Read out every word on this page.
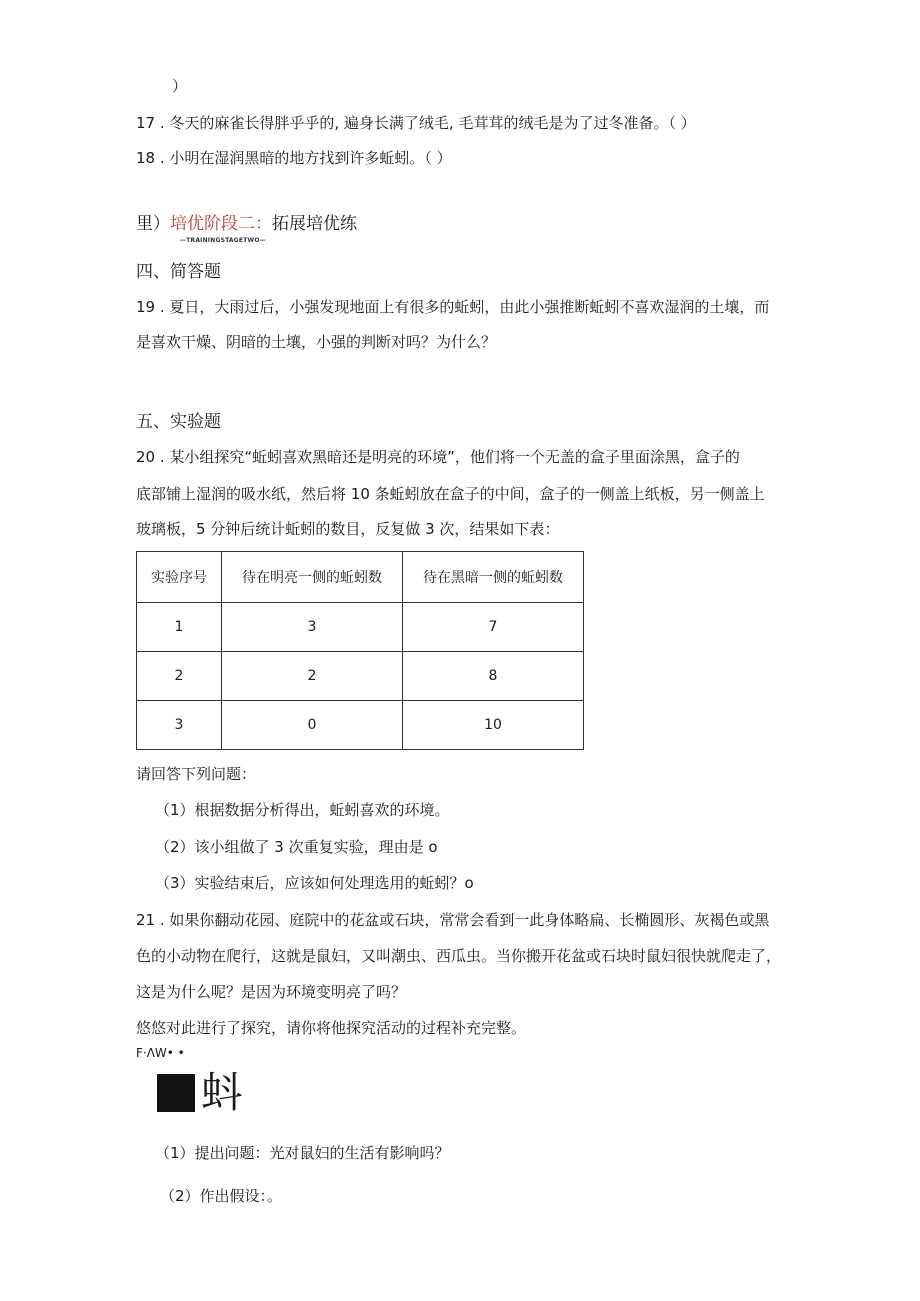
）
17 . 冬天的麻雀长得胖乎乎的, 遍身长满了绒毛, 毛茸茸的绒毛是为了过冬准备。（ ）
18 . 小明在湿润黑暗的地方找到许多蚯蚓。（ ）
里）培优阶段二：拓展培优练
—TRAININGSTAGETWO—
四、简答题
19 . 夏日，大雨过后，小强发现地面上有很多的蚯蚓，由此小强推断蚯蚓不喜欢湿润的土壤，而
是喜欢干燥、阴暗的土壤，小强的判断对吗？为什么？
五、实验题
20 . 某小组探究“蚯蚓喜欢黑暗还是明亮的环境”，他们将一个无盖的盒子里面涂黑，盒子的
底部铺上湿润的吸水纸，然后将 10 条蚯蚓放在盒子的中间，盒子的一侧盖上纸板，另一侧盖上
玻璃板，5 分钟后统计蚯蚓的数目，反复做 3 次，结果如下表：
实验序号	待在明亮一侧的蚯蚓数	待在黑暗一侧的蚯蚓数
1	3	7
2	2	8
3	0	10
请回答下列问题：
（1）根据数据分析得出，蚯蚓喜欢的环境。
（2）该小组做了 3 次重复实验，理由是 o
（3）实验结束后，应该如何处理选用的蚯蚓？o
21 . 如果你翻动花园、庭院中的花盆或石块，常常会看到一此身体略扁、长椭圆形、灰褐色或黑
色的小动物在爬行，这就是鼠妇，又叫潮虫、西瓜虫。当你搬开花盆或石块时鼠妇很快就爬走了，
这是为什么呢？是因为环境变明亮了吗？
悠悠对此进行了探究，请你将他探究活动的过程补充完整。
F·ΛW• •
蚪
（1）提出问题：光对鼠妇的生活有影响吗？
（2）作出假设：。
